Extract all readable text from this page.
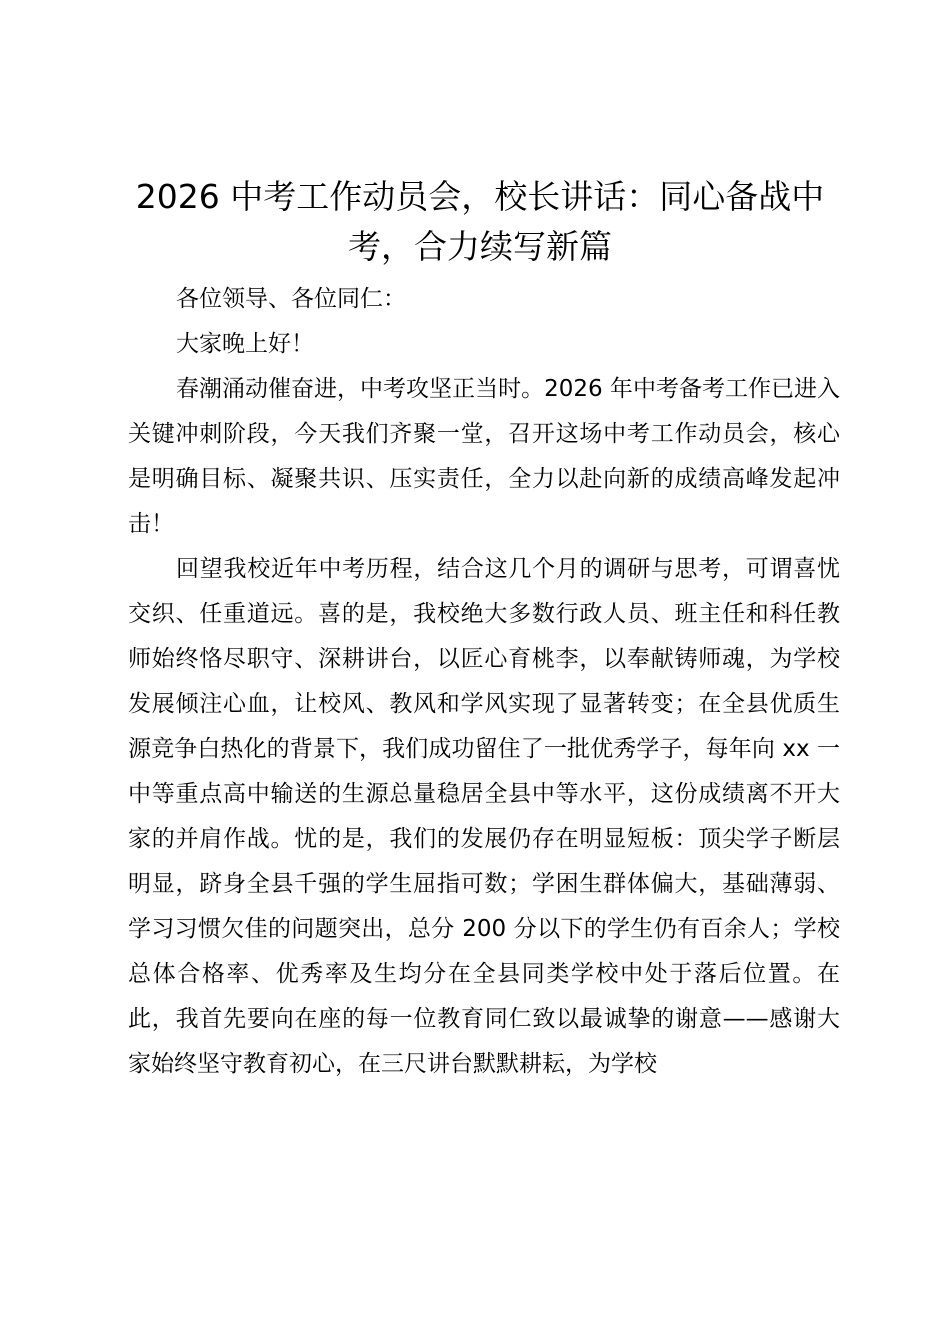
2026 中考工作动员会，校长讲话：同心备战中考，合力续写新篇

各位领导、各位同仁：

大家晚上好！

春潮涌动催奋进，中考攻坚正当时。2026 年中考备考工作已进入关键冲刺阶段，今天我们齐聚一堂，召开这场中考工作动员会，核心是明确目标、凝聚共识、压实责任，全力以赴向新的成绩高峰发起冲击！

回望我校近年中考历程，结合这几个月的调研与思考，可谓喜忧交织、任重道远。喜的是，我校绝大多数行政人员、班主任和科任教师始终恪尽职守、深耕讲台，以匠心育桃李，以奉献铸师魂，为学校发展倾注心血，让校风、教风和学风实现了显著转变；在全县优质生源竞争白热化的背景下，我们成功留住了一批优秀学子，每年向 xx 一中等重点高中输送的生源总量稳居全县中等水平，这份成绩离不开大家的并肩作战。忧的是，我们的发展仍存在明显短板：顶尖学子断层明显，跻身全县千强的学生屈指可数；学困生群体偏大，基础薄弱、学习习惯欠佳的问题突出，总分 200 分以下的学生仍有百余人；学校总体合格率、优秀率及生均分在全县同类学校中处于落后位置。在此，我首先要向在座的每一位教育同仁致以最诚挚的谢意——感谢大家始终坚守教育初心，在三尺讲台默默耕耘，为学校
